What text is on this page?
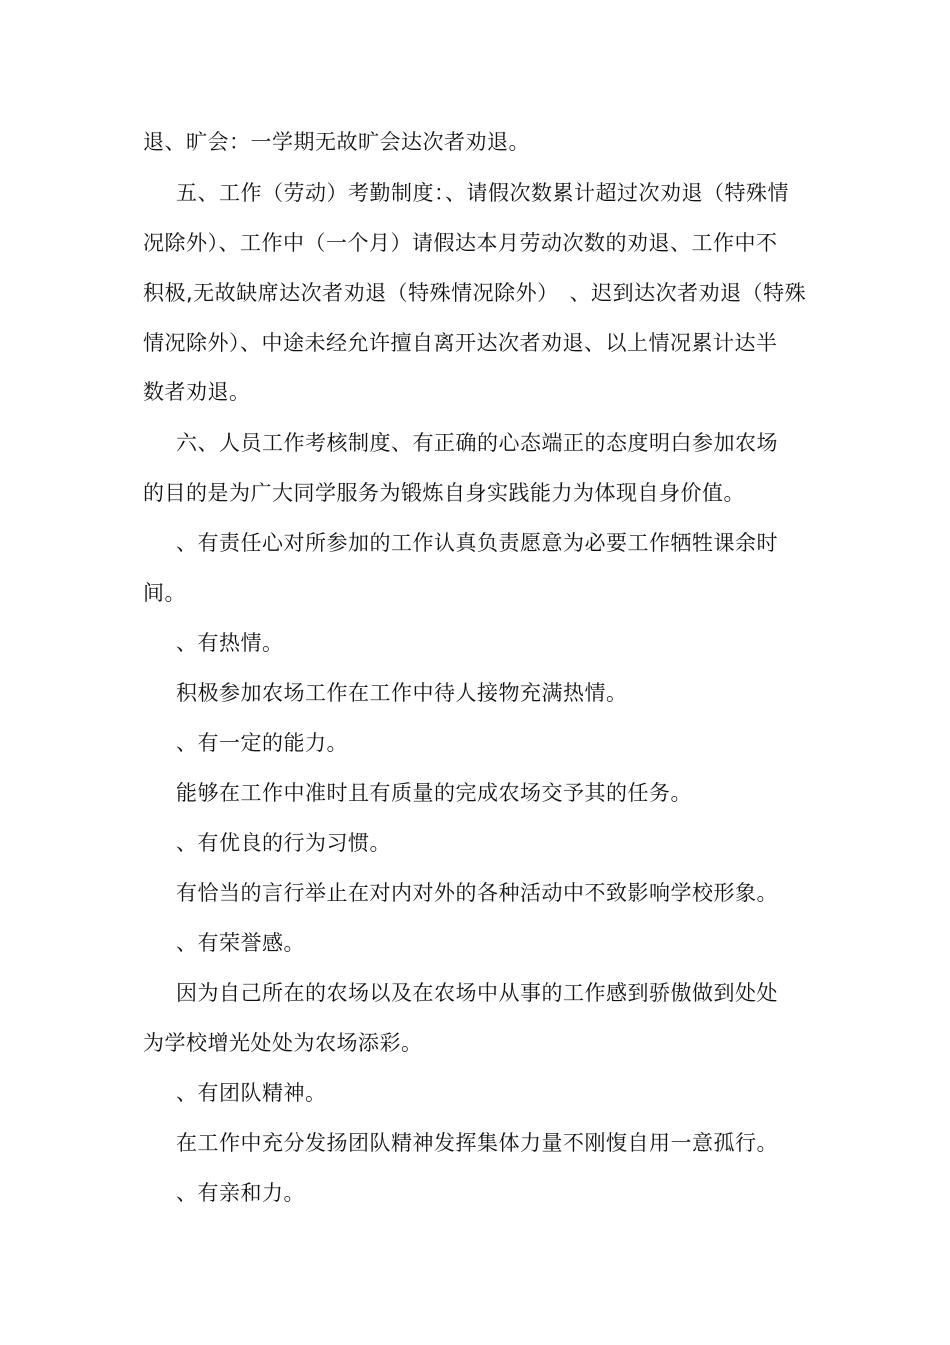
退、旷会：一学期无故旷会达次者劝退。
五、工作（劳动）考勤制度：、请假次数累计超过次劝退（特殊情
况除外）、工作中（一个月）请假达本月劳动次数的劝退、工作中不
积极,无故缺席达次者劝退（特殊情况除外）　、迟到达次者劝退（特殊
情况除外）、中途未经允许擅自离开达次者劝退、以上情况累计达半
数者劝退。
六、人员工作考核制度、有正确的心态端正的态度明白参加农场
的目的是为广大同学服务为锻炼自身实践能力为体现自身价值。
、有责任心对所参加的工作认真负责愿意为必要工作牺牲课余时
间。
、有热情。
积极参加农场工作在工作中待人接物充满热情。
、有一定的能力。
能够在工作中准时且有质量的完成农场交予其的任务。
、有优良的行为习惯。
有恰当的言行举止在对内对外的各种活动中不致影响学校形象。
、有荣誉感。
因为自己所在的农场以及在农场中从事的工作感到骄傲做到处处
为学校增光处处为农场添彩。
、有团队精神。
在工作中充分发扬团队精神发挥集体力量不刚愎自用一意孤行。
、有亲和力。
